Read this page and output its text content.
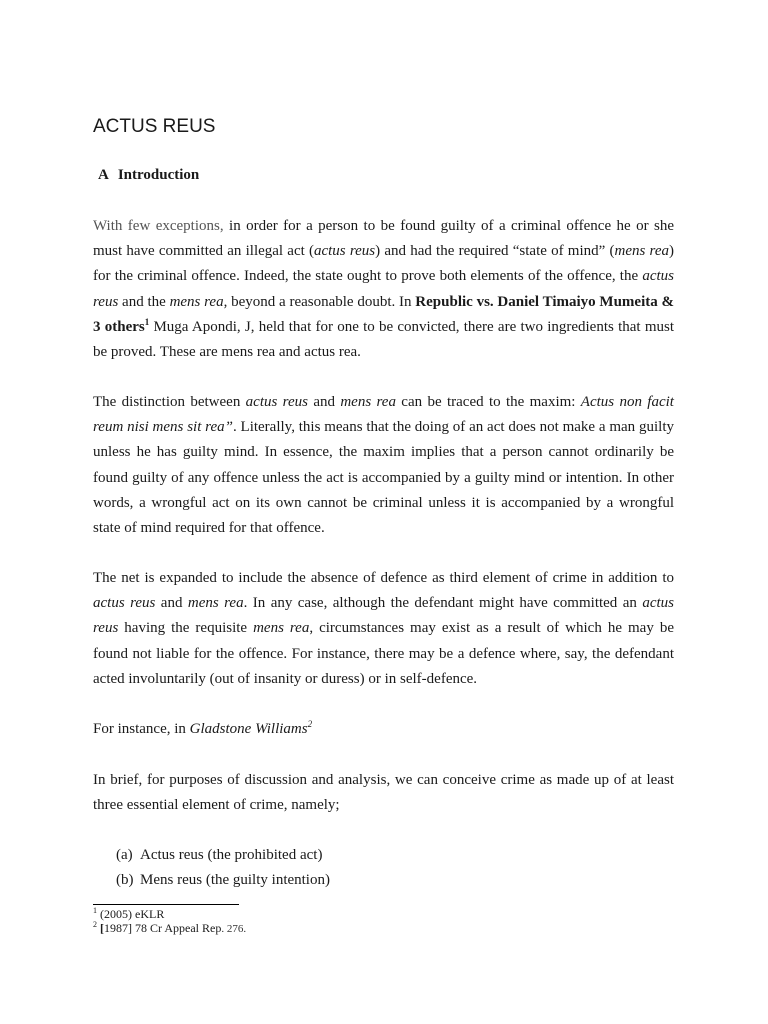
ACTUS REUS
A Introduction

With few exceptions, in order for a person to be found guilty of a criminal offence he or she must have committed an illegal act (actus reus) and had the required “state of mind” (mens rea) for the criminal offence. Indeed, the state ought to prove both elements of the offence, the actus reus and the mens rea, beyond a reasonable doubt. In Republic vs. Daniel Timaiyo Mumeita & 3 others$^1$ Muga Apondi, J, held that for one to be convicted, there are two ingredients that must be proved. These are mens rea and actus rea.

The distinction between actus reus and mens rea can be traced to the maxim: Actus non facit reum nisi mens sit rea”. Literally, this means that the doing of an act does not make a man guilty unless he has guilty mind. In essence, the maxim implies that a person cannot ordinarily be found guilty of any offence unless the act is accompanied by a guilty mind or intention. In other words, a wrongful act on its own cannot be criminal unless it is accompanied by a wrongful state of mind required for that offence.

The net is expanded to include the absence of defence as third element of crime in addition to actus reus and mens rea. In any case, although the defendant might have committed an actus reus having the requisite mens rea, circumstances may exist as a result of which he may be found not liable for the offence. For instance, there may be a defence where, say, the defendant acted involuntarily (out of insanity or duress) or in self-defence.

For instance, in Gladstone Williams$^2$

In brief, for purposes of discussion and analysis, we can conceive crime as made up of at least three essential element of crime, namely;

(a) Actus reus (the prohibited act)
(b) Mens reus (the guilty intention)
$^1$ (2005) eKLR
$^2$ [1987] 78 Cr Appeal Rep. 276.
